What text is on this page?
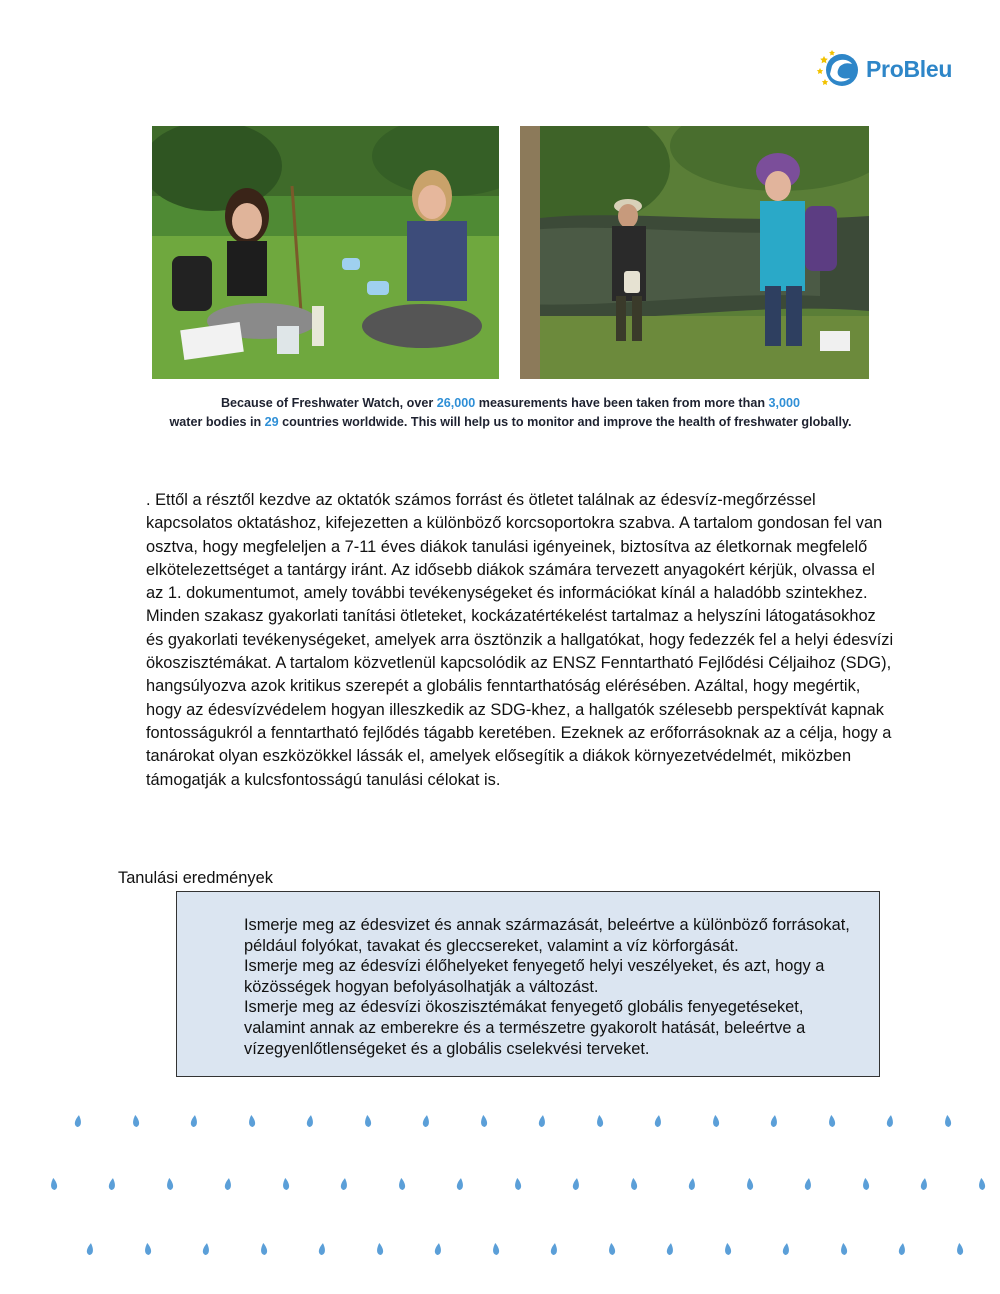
ProBleu
Because of Freshwater Watch, over 26,000 measurements have been taken from more than 3,000
water bodies in 29 countries worldwide. This will help us to monitor and improve the health of freshwater globally.
. Ettől a résztől kezdve az oktatók számos forrást és ötletet találnak az édesvíz-megőrzéssel kapcsolatos oktatáshoz, kifejezetten a különböző korcsoportokra szabva. A tartalom gondosan fel van osztva, hogy megfeleljen a 7-11 éves diákok tanulási igényeinek, biztosítva az életkornak megfelelő elkötelezettséget a tantárgy iránt. Az idősebb diákok számára tervezett anyagokért kérjük, olvassa el az 1. dokumentumot, amely további tevékenységeket és információkat kínál a haladóbb szintekhez. Minden szakasz gyakorlati tanítási ötleteket, kockázatértékelést tartalmaz a helyszíni látogatásokhoz és gyakorlati tevékenységeket, amelyek arra ösztönzik a hallgatókat, hogy fedezzék fel a helyi édesvízi ökoszisztémákat. A tartalom közvetlenül kapcsolódik az ENSZ Fenntartható Fejlődési Céljaihoz (SDG), hangsúlyozva azok kritikus szerepét a globális fenntarthatóság elérésében. Azáltal, hogy megértik, hogy az édesvízvédelem hogyan illeszkedik az SDG-khez, a hallgatók szélesebb perspektívát kapnak fontosságukról a fenntartható fejlődés tágabb keretében. Ezeknek az erőforrásoknak az a célja, hogy a tanárokat olyan eszközökkel lássák el, amelyek elősegítik a diákok környezetvédelmét, miközben támogatják a kulcsfontosságú tanulási célokat is.
Tanulási eredmények
Ismerje meg az édesvizet és annak származását, beleértve a különböző forrásokat, például folyókat, tavakat és gleccsereket, valamint a víz körforgását.
Ismerje meg az édesvízi élőhelyeket fenyegető helyi veszélyeket, és azt, hogy a közösségek hogyan befolyásolhatják a változást.
Ismerje meg az édesvízi ökoszisztémákat fenyegető globális fenyegetéseket, valamint annak az emberekre és a természetre gyakorolt hatását, beleértve a vízegyenlőtlenségeket és a globális cselekvési terveket.
